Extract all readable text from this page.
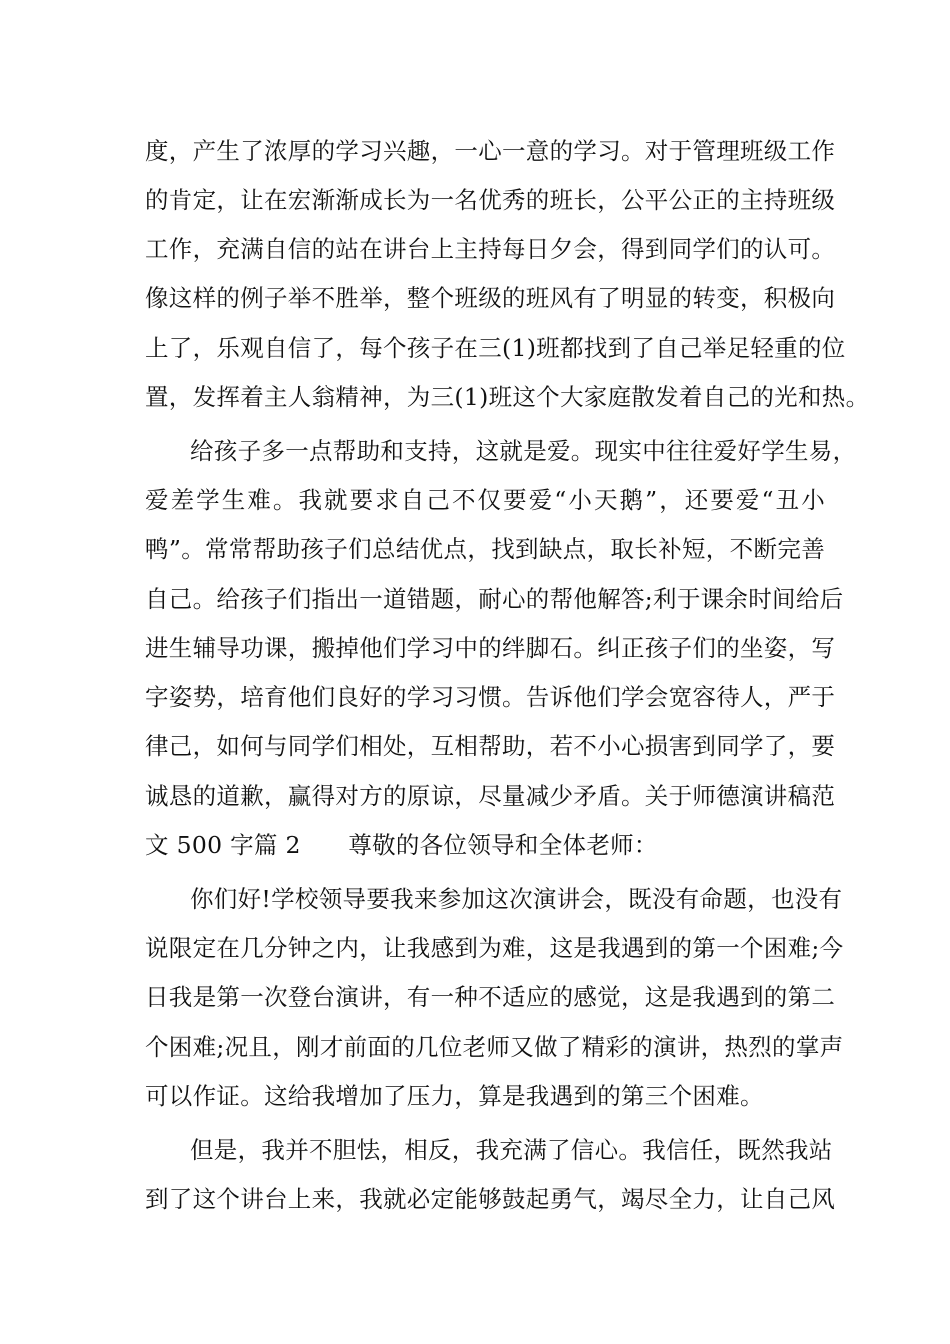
度，产生了浓厚的学习兴趣，一心一意的学习。对于管理班级工作
的肯定，让在宏渐渐成长为一名优秀的班长，公平公正的主持班级
工作，充满自信的站在讲台上主持每日夕会，得到同学们的认可。
像这样的例子举不胜举，整个班级的班风有了明显的转变，积极向
上了，乐观自信了，每个孩子在三(1)班都找到了自己举足轻重的位
置，发挥着主人翁精神，为三(1)班这个大家庭散发着自己的光和热。
给孩子多一点帮助和支持，这就是爱。现实中往往爱好学生易，
爱差学生难。我就要求自己不仅要爱“小天鹅”，还要爱“丑小
鸭”。常常帮助孩子们总结优点，找到缺点，取长补短，不断完善
自己。给孩子们指出一道错题，耐心的帮他解答;利于课余时间给后
进生辅导功课，搬掉他们学习中的绊脚石。纠正孩子们的坐姿，写
字姿势，培育他们良好的学习习惯。告诉他们学会宽容待人，严于
律己，如何与同学们相处，互相帮助，若不小心损害到同学了，要
诚恳的道歉，赢得对方的原谅，尽量减少矛盾。关于师德演讲稿范
文 500 字篇 2　　尊敬的各位领导和全体老师：
你们好!学校领导要我来参加这次演讲会，既没有命题，也没有
说限定在几分钟之内，让我感到为难，这是我遇到的第一个困难;今
日我是第一次登台演讲，有一种不适应的感觉，这是我遇到的第二
个困难;况且，刚才前面的几位老师又做了精彩的演讲，热烈的掌声
可以作证。这给我增加了压力，算是我遇到的第三个困难。
但是，我并不胆怯，相反，我充满了信心。我信任，既然我站
到了这个讲台上来，我就必定能够鼓起勇气，竭尽全力，让自己风
